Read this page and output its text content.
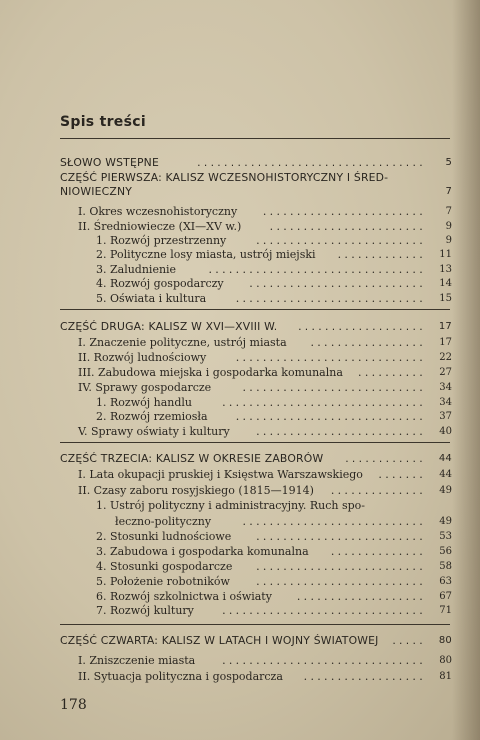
Spis treści
SŁOWO WSTĘPNE	5
..................................
CZĘŚĆ PIERWSZA: KALISZ WCZESNOHISTORYCZNY I ŚRED-
NIOWIECZNY	7
I. Okres wczesnohistoryczny	7
........................
II. Średniowiecze (XI—XV w.)	9
.......................
1. Rozwój przestrzenny	9
.........................
2. Polityczne losy miasta, ustrój miejski	11
.............
3. Zaludnienie	13
................................
4. Rozwój gospodarczy	14
..........................
5. Oświata i kultura	15
............................
CZĘŚĆ DRUGA: KALISZ W XVI—XVIII W.	17
...................
I. Znaczenie polityczne, ustrój miasta	17
.................
II. Rozwój ludnościowy	22
............................
III. Zabudowa miejska i gospodarka komunalna	27
..........
IV. Sprawy gospodarcze	34
...........................
1. Rozwój handlu	34
..............................
2. Rozwój rzemiosła	37
............................
V. Sprawy oświaty i kultury	40
.........................
CZĘŚĆ TRZECIA: KALISZ W OKRESIE ZABORÓW	44
............
I. Lata okupacji pruskiej i Księstwa Warszawskiego	44
.......
II. Czasy zaboru rosyjskiego (1815—1914)	49
..............
1. Ustrój polityczny i administracyjny. Ruch spo-
łeczno-polityczny	49
...........................
2. Stosunki ludnościowe	53
.........................
3. Zabudowa i gospodarka komunalna	56
..............
4. Stosunki gospodarcze	58
.........................
5. Położenie robotników	63
.........................
6. Rozwój szkolnictwa i oświaty	67
...................
7. Rozwój kultury	71
..............................
CZĘŚĆ CZWARTA: KALISZ W LATACH I WOJNY ŚWIATOWEJ	80
.....
I. Zniszczenie miasta	80
..............................
II. Sytuacja polityczna i gospodarcza	81
..................
178
